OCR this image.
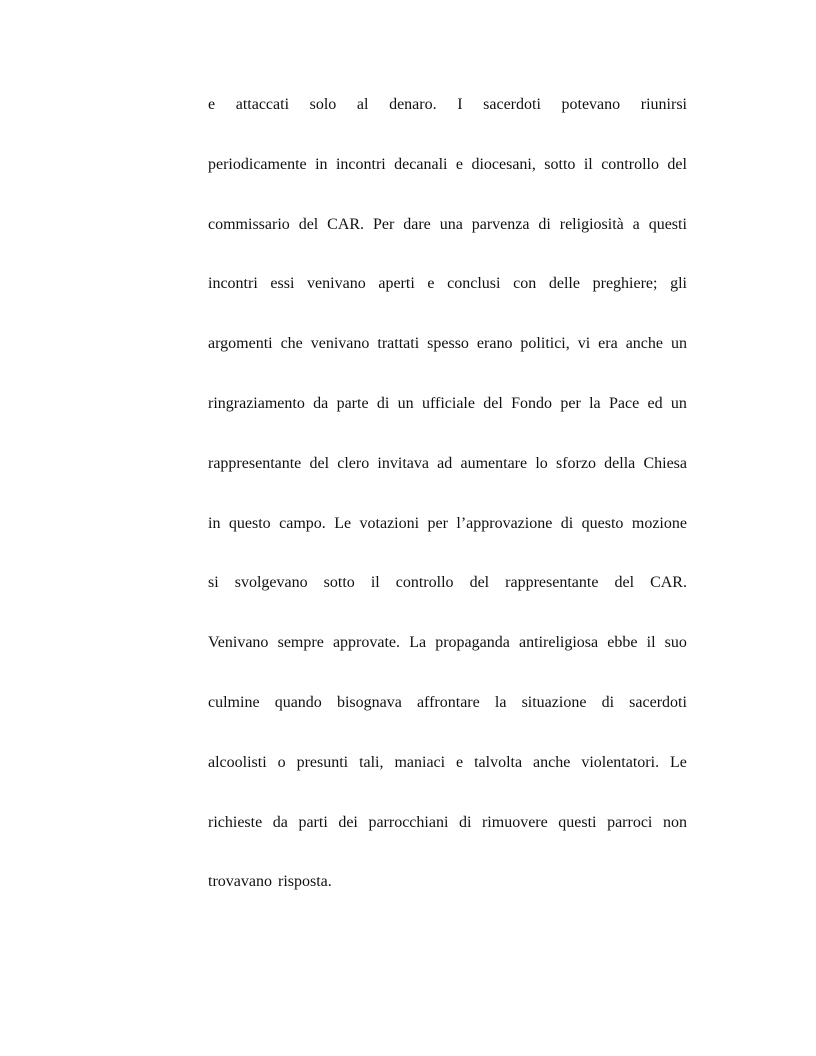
e attaccati solo al denaro. I sacerdoti potevano riunirsi
periodicamente in incontri decanali e diocesani, sotto il controllo del
commissario del CAR. Per dare una parvenza di religiosità a questi
incontri essi venivano aperti e conclusi con delle preghiere; gli
argomenti che venivano trattati spesso erano politici, vi era anche un
ringraziamento da parte di un ufficiale del Fondo per la Pace ed un
rappresentante del clero invitava ad aumentare lo sforzo della Chiesa
in questo campo. Le votazioni per l’approvazione di questo mozione
si svolgevano sotto il controllo del rappresentante del CAR.
Venivano sempre approvate. La propaganda antireligiosa ebbe il suo
culmine quando bisognava affrontare la situazione di sacerdoti
alcoolisti o presunti tali, maniaci e talvolta anche violentatori. Le
richieste da parti dei parrocchiani di rimuovere questi parroci non
trovavano risposta.
